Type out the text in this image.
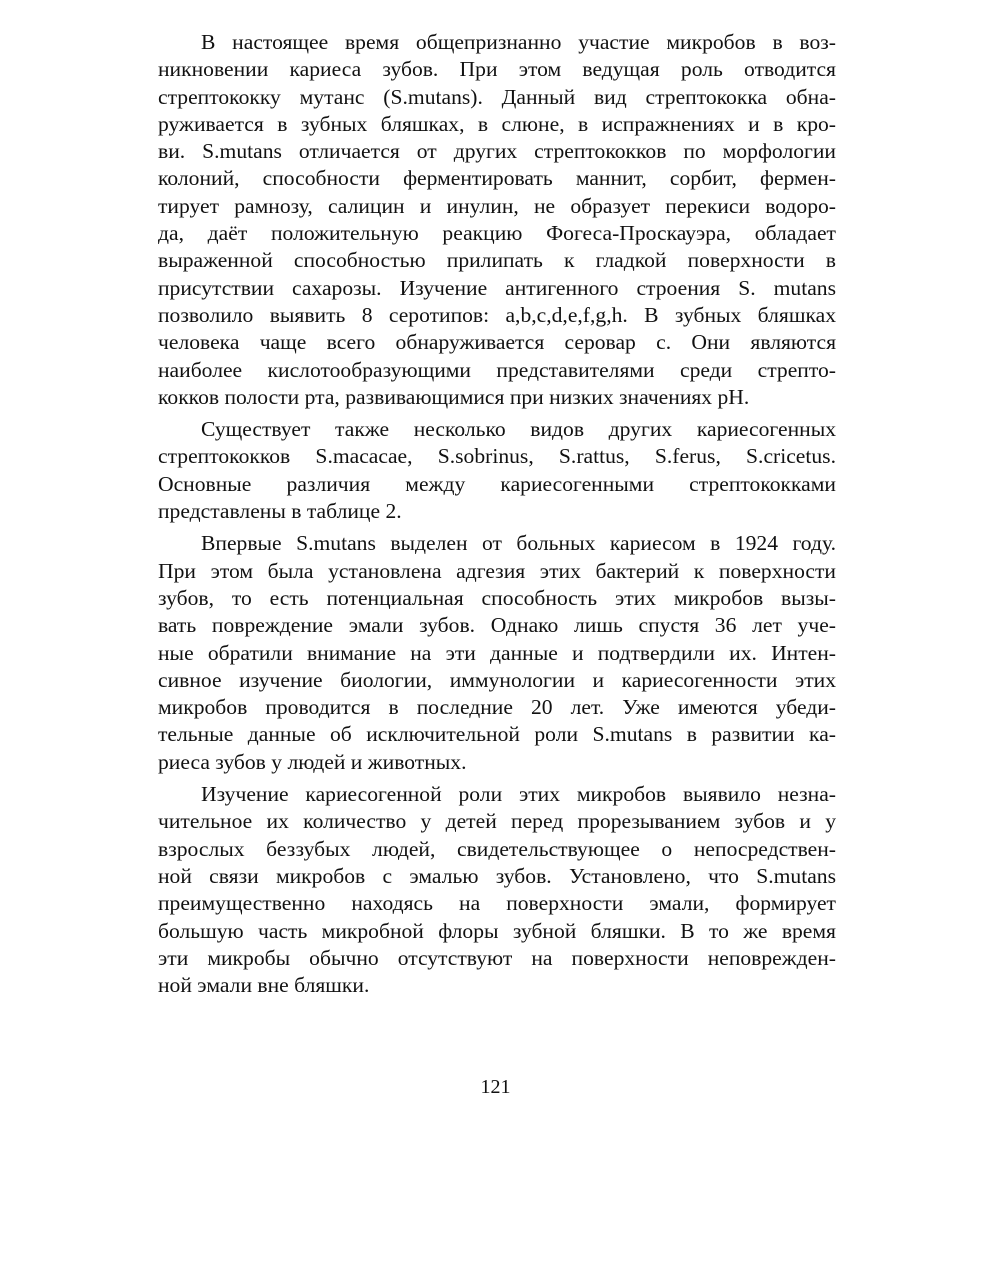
В настоящее время общепризнанно участие микробов в воз-
никновении кариеса зубов. При этом ведущая роль отводится
стрептококку мутанс (S.mutans). Данный вид стрептококка обна-
руживается в зубных бляшках, в слюне, в испражнениях и в кро-
ви. S.mutans отличается от других стрептококков по морфологии
колоний, способности ферментировать маннит, сорбит, фермен-
тирует рамнозу, салицин и инулин, не образует перекиси водоро-
да, даёт положительную реакцию Фогеса-Проскауэра, обладает
выраженной способностью прилипать к гладкой поверхности в
присутствии сахарозы. Изучение антигенного строения S. mutans
позволило выявить 8 серотипов: a,b,c,d,e,f,g,h. В зубных бляшках
человека чаще всего обнаруживается серовар c. Они являются
наиболее кислотообразующими представителями среди стрепто-
кокков полости рта, развивающимися при низких значениях pH.
Существует также несколько видов других кариесогенных
стрептококков S.macacae, S.sobrinus, S.rattus, S.ferus, S.cricetus.
Основные различия между кариесогенными стрептококками
представлены в таблице 2.
Впервые S.mutans выделен от больных кариесом в 1924 году.
При этом была установлена адгезия этих бактерий к поверхности
зубов, то есть потенциальная способность этих микробов вызы-
вать повреждение эмали зубов. Однако лишь спустя 36 лет уче-
ные обратили внимание на эти данные и подтвердили их. Интен-
сивное изучение биологии, иммунологии и кариесогенности этих
микробов проводится в последние 20 лет. Уже имеются убеди-
тельные данные об исключительной роли S.mutans в развитии ка-
риеса зубов у людей и животных.
Изучение кариесогенной роли этих микробов выявило незна-
чительное их количество у детей перед прорезыванием зубов и у
взрослых беззубых людей, свидетельствующее о непосредствен-
ной связи микробов с эмалью зубов. Установлено, что S.mutans
преимущественно находясь на поверхности эмали, формирует
большую часть микробной флоры зубной бляшки. В то же время
эти микробы обычно отсутствуют на поверхности неповрежден-
ной эмали вне бляшки.
121
